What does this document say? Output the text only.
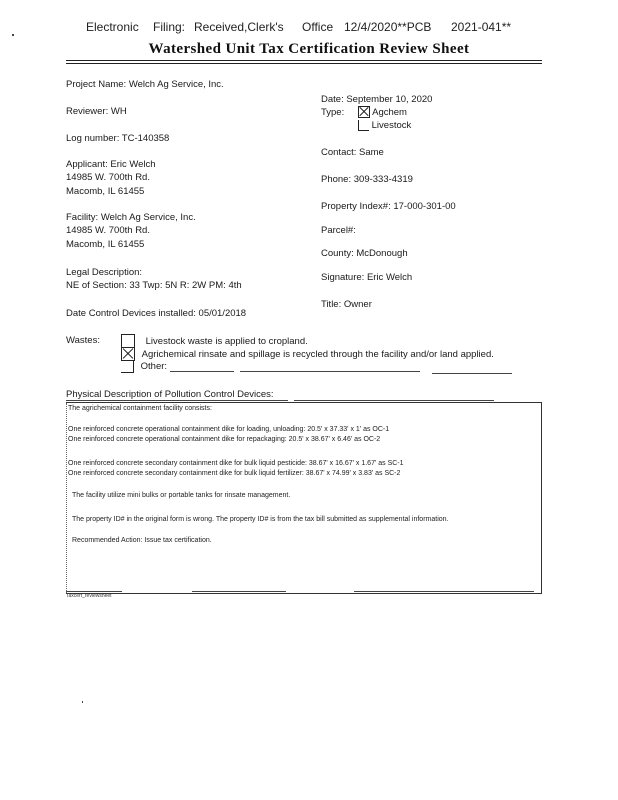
Electronic Filing: Received,Clerk's Office 12/4/2020**PCB 2021-041**
Watershed Unit Tax Certification Review Sheet
Project Name: Welch Ag Service, Inc.
Reviewer: WH
Log number: TC-140358
Applicant: Eric Welch
14985 W. 700th Rd.
Macomb, IL 61455
Facility: Welch Ag Service, Inc.
14985 W. 700th Rd.
Macomb, IL 61455
Legal Description:
NE of Section: 33 Twp: 5N R: 2W PM: 4th
Date Control Devices installed: 05/01/2018
Date: September 10, 2020
Type:	Agchem
Livestock
Contact: Same
Phone: 309-333-4319
Property Index#: 17-000-301-00
Parcel#:
County: McDonough
Signature: Eric Welch
Title: Owner
Wastes:	Livestock waste is applied to cropland.
Agrichemical rinsate and spillage is recycled through the facility and/or land applied.
Other:
Physical Description of Pollution Control Devices:
The agrichemical containment facility consists:
One reinforced concrete operational containment dike for loading, unloading: 20.5' x 37.33' x 1' as OC-1
One reinforced concrete operational containment dike for repackaging: 20.5' x 38.67' x 6.46' as OC-2
One reinforced concrete secondary containment dike for bulk liquid pesticide: 38.67' x 16.67' x 1.67' as SC-1
One reinforced concrete secondary containment dike for bulk liquid fertilizer: 38.67' x 74.99' x 3.83' as SC-2
The facility utilize mini bulks or portable tanks for rinsate management.
The property ID# in the original form is wrong. The property ID# is from the tax bill submitted as supplemental information.
Recommended Action: Issue tax certification.
Taxcert_reviewsheet
